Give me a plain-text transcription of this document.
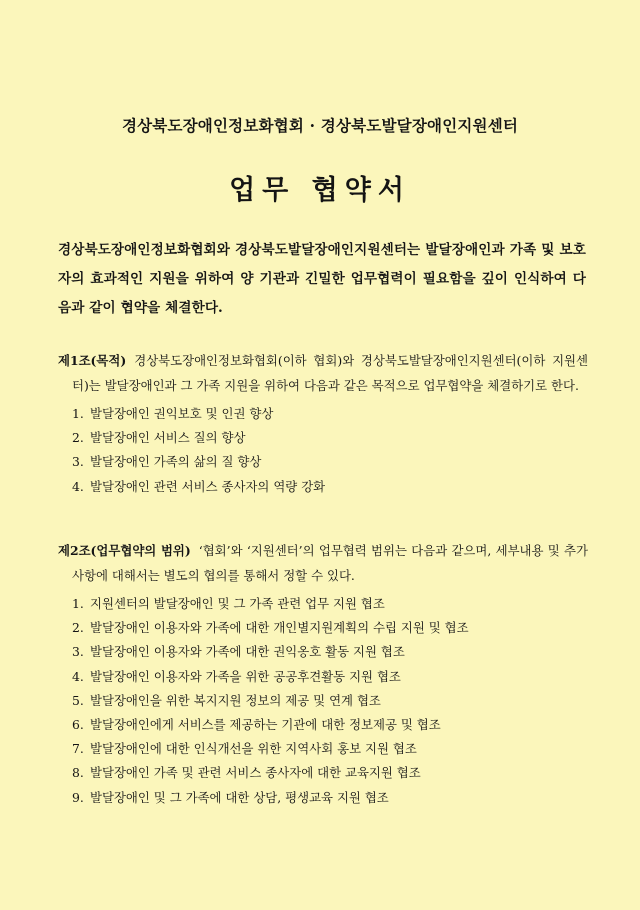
경상북도장애인정보화협회 · 경상북도발달장애인지원센터
업무 협약서
경상북도장애인정보화협회와 경상북도발달장애인지원센터는 발달장애인과 가족 및 보호자의 효과적인 지원을 위하여 양 기관과 긴밀한 업무협력이 필요함을 깊이 인식하여 다음과 같이 협약을 체결한다.
제1조(목적) 경상북도장애인정보화협회(이하 협회)와 경상북도발달장애인지원센터(이하 지원센터)는 발달장애인과 그 가족 지원을 위하여 다음과 같은 목적으로 업무협약을 체결하기로 한다.
1. 발달장애인 권익보호 및 인권 향상
2. 발달장애인 서비스 질의 향상
3. 발달장애인 가족의 삶의 질 향상
4. 발달장애인 관련 서비스 종사자의 역량 강화
제2조(업무협약의 범위) ‘협회’와 ‘지원센터’의 업무협력 범위는 다음과 같으며, 세부내용 및 추가사항에 대해서는 별도의 협의를 통해서 정할 수 있다.
1. 지원센터의 발달장애인 및 그 가족 관련 업무 지원 협조
2. 발달장애인 이용자와 가족에 대한 개인별지원계획의 수립 지원 및 협조
3. 발달장애인 이용자와 가족에 대한 권익옹호 활동 지원 협조
4. 발달장애인 이용자와 가족을 위한 공공후견활동 지원 협조
5. 발달장애인을 위한 복지지원 정보의 제공 및 연계 협조
6. 발달장애인에게 서비스를 제공하는 기관에 대한 정보제공 및 협조
7. 발달장애인에 대한 인식개선을 위한 지역사회 홍보 지원 협조
8. 발달장애인 가족 및 관련 서비스 종사자에 대한 교육지원 협조
9. 발달장애인 및 그 가족에 대한 상담, 평생교육 지원 협조
